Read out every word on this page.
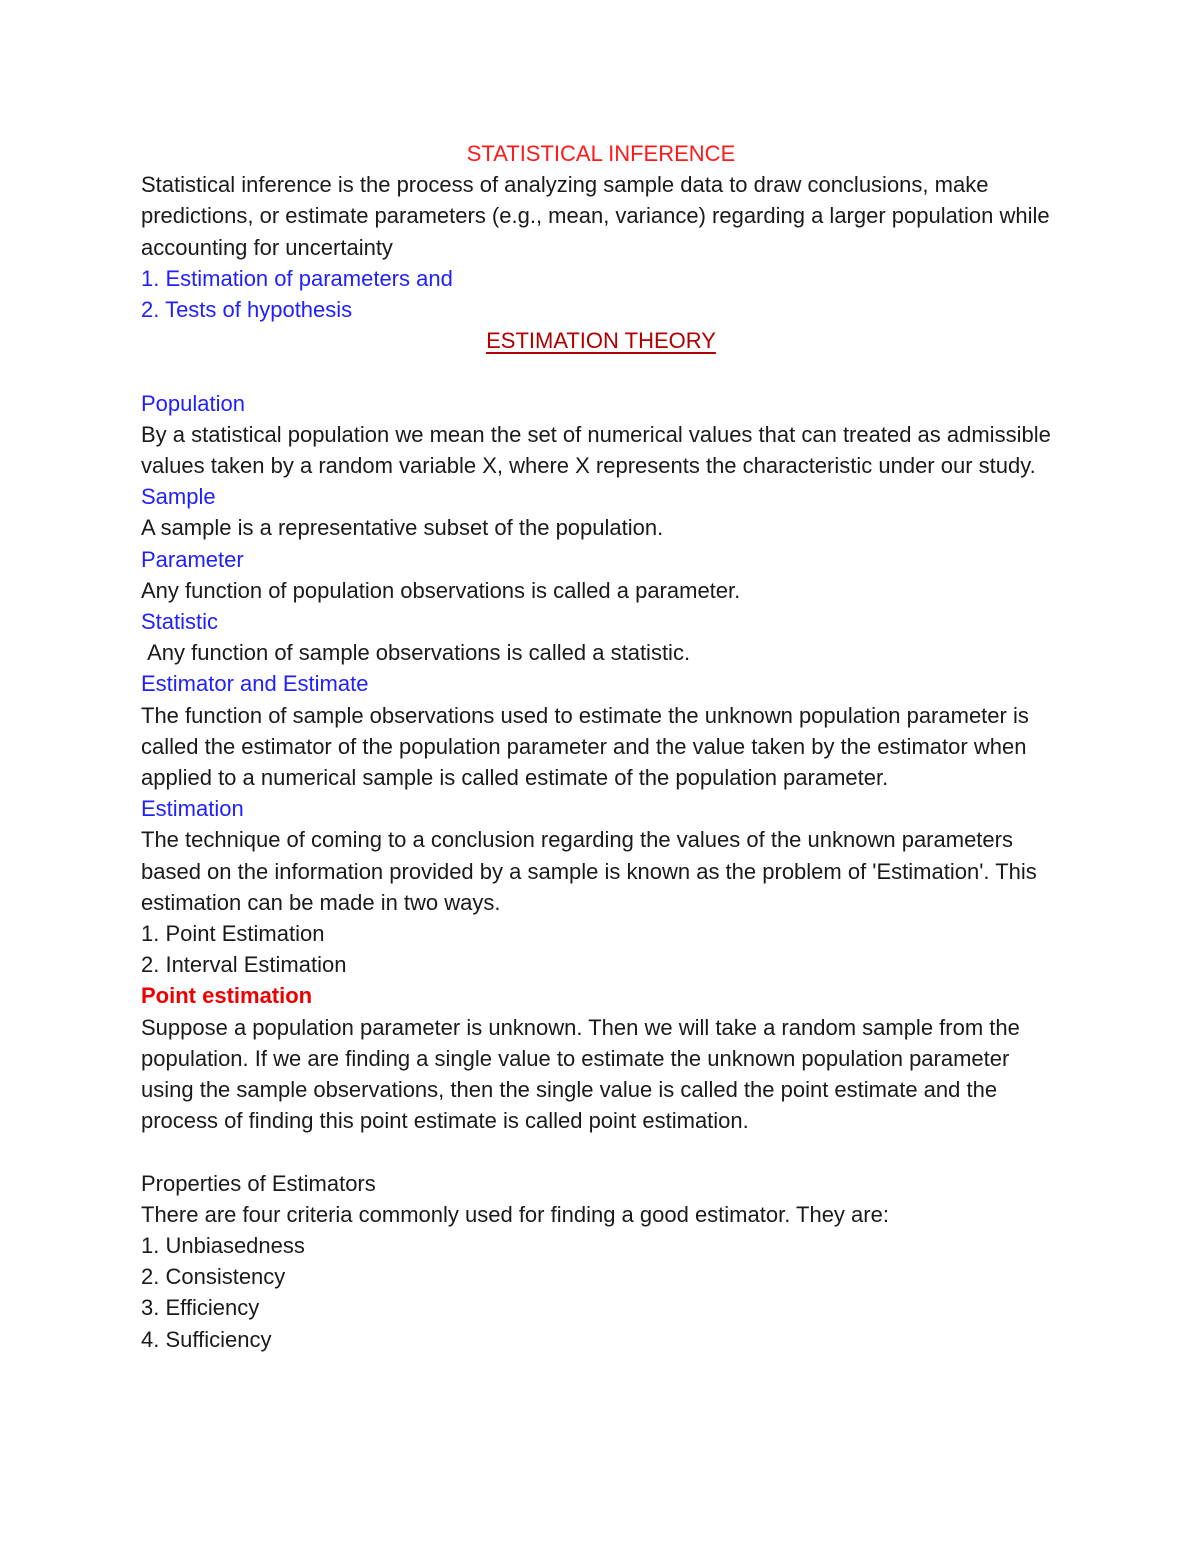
STATISTICAL INFERENCE
Statistical inference is the process of analyzing sample data to draw conclusions, make predictions, or estimate parameters (e.g., mean, variance) regarding a larger population while accounting for uncertainty
1. Estimation of parameters and
2. Tests of hypothesis
ESTIMATION THEORY
Population
By a statistical population we mean the set of numerical values that can treated as admissible values taken by a random variable X, where X represents the characteristic under our study.
Sample
A sample is a representative subset of the population.
Parameter
Any function of population observations is called a parameter.
Statistic
Any function of sample observations is called a statistic.
Estimator and Estimate
The function of sample observations used to estimate the unknown population parameter is called the estimator of the population parameter and the value taken by the estimator when applied to a numerical sample is called estimate of the population parameter.
Estimation
The technique of coming to a conclusion regarding the values of the unknown parameters based on the information provided by a sample is known as the problem of 'Estimation'. This estimation can be made in two ways.
1. Point Estimation
2. Interval Estimation
Point estimation
Suppose a population parameter is unknown. Then we will take a random sample from the population. If we are finding a single value to estimate the unknown population parameter using the sample observations, then the single value is called the point estimate and the process of finding this point estimate is called point estimation.
Properties of Estimators
There are four criteria commonly used for finding a good estimator. They are:
1. Unbiasedness
2. Consistency
3. Efficiency
4. Sufficiency
